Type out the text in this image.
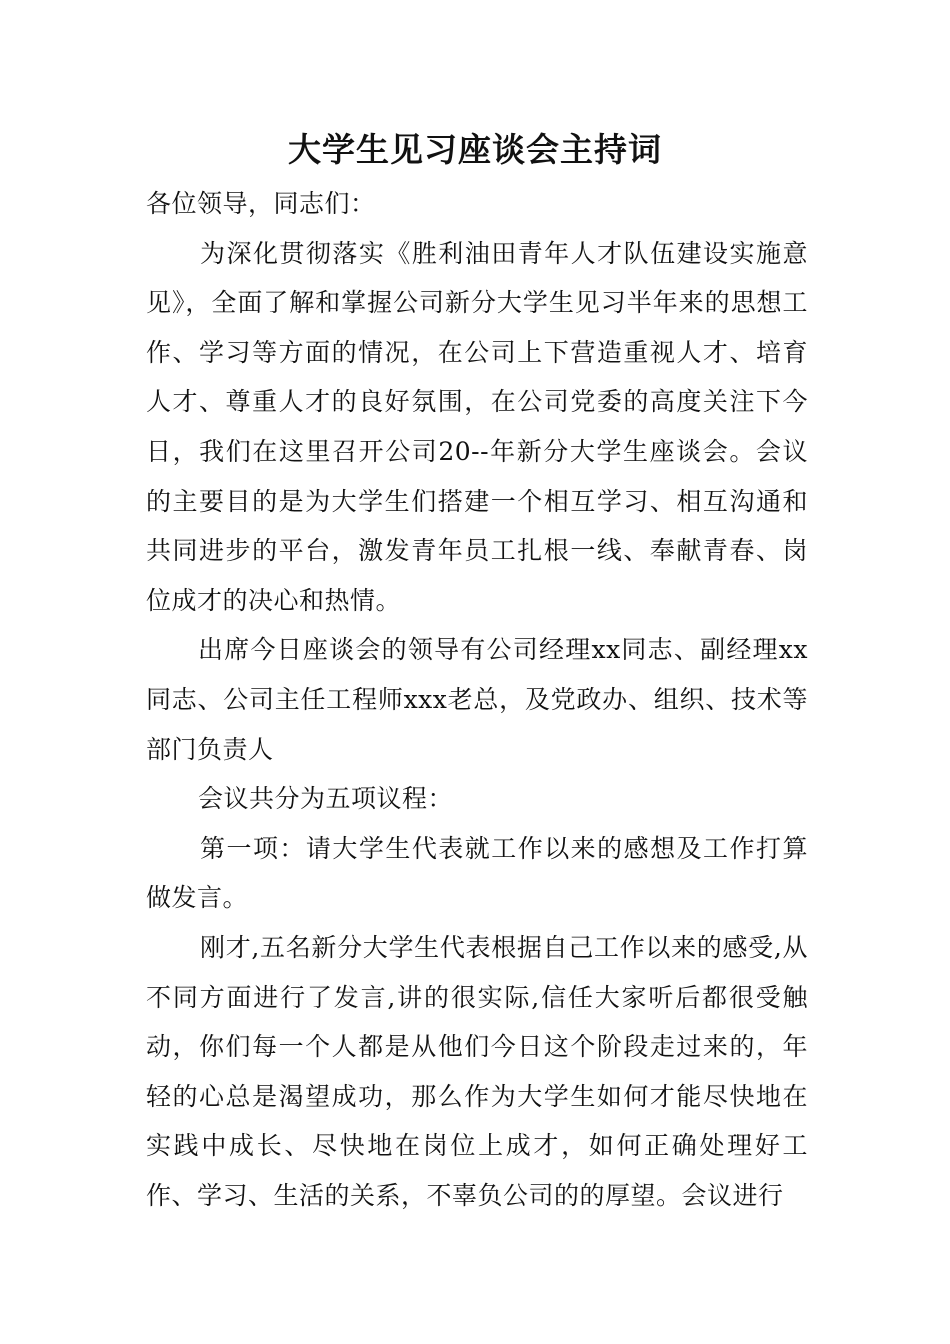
大学生见习座谈会主持词

各位领导，同志们：

为深化贯彻落实《胜利油田青年人才队伍建设实施意见》，全面了解和掌握公司新分大学生见习半年来的思想工作、学习等方面的情况，在公司上下营造重视人才、培育人才、尊重人才的良好氛围，在公司党委的高度关注下今日，我们在这里召开公司20--年新分大学生座谈会。会议的主要目的是为大学生们搭建一个相互学习、相互沟通和共同进步的平台，激发青年员工扎根一线、奉献青春、岗位成才的决心和热情。

出席今日座谈会的领导有公司经理xx同志、副经理xx同志、公司主任工程师xxx老总，及党政办、组织、技术等部门负责人

会议共分为五项议程：

第一项：请大学生代表就工作以来的感想及工作打算做发言。

刚才,五名新分大学生代表根据自己工作以来的感受,从不同方面进行了发言,讲的很实际,信任大家听后都很受触动，你们每一个人都是从他们今日这个阶段走过来的，年轻的心总是渴望成功，那么作为大学生如何才能尽快地在实践中成长、尽快地在岗位上成才，如何正确处理好工作、学习、生活的关系，不辜负公司的的厚望。会议进行
